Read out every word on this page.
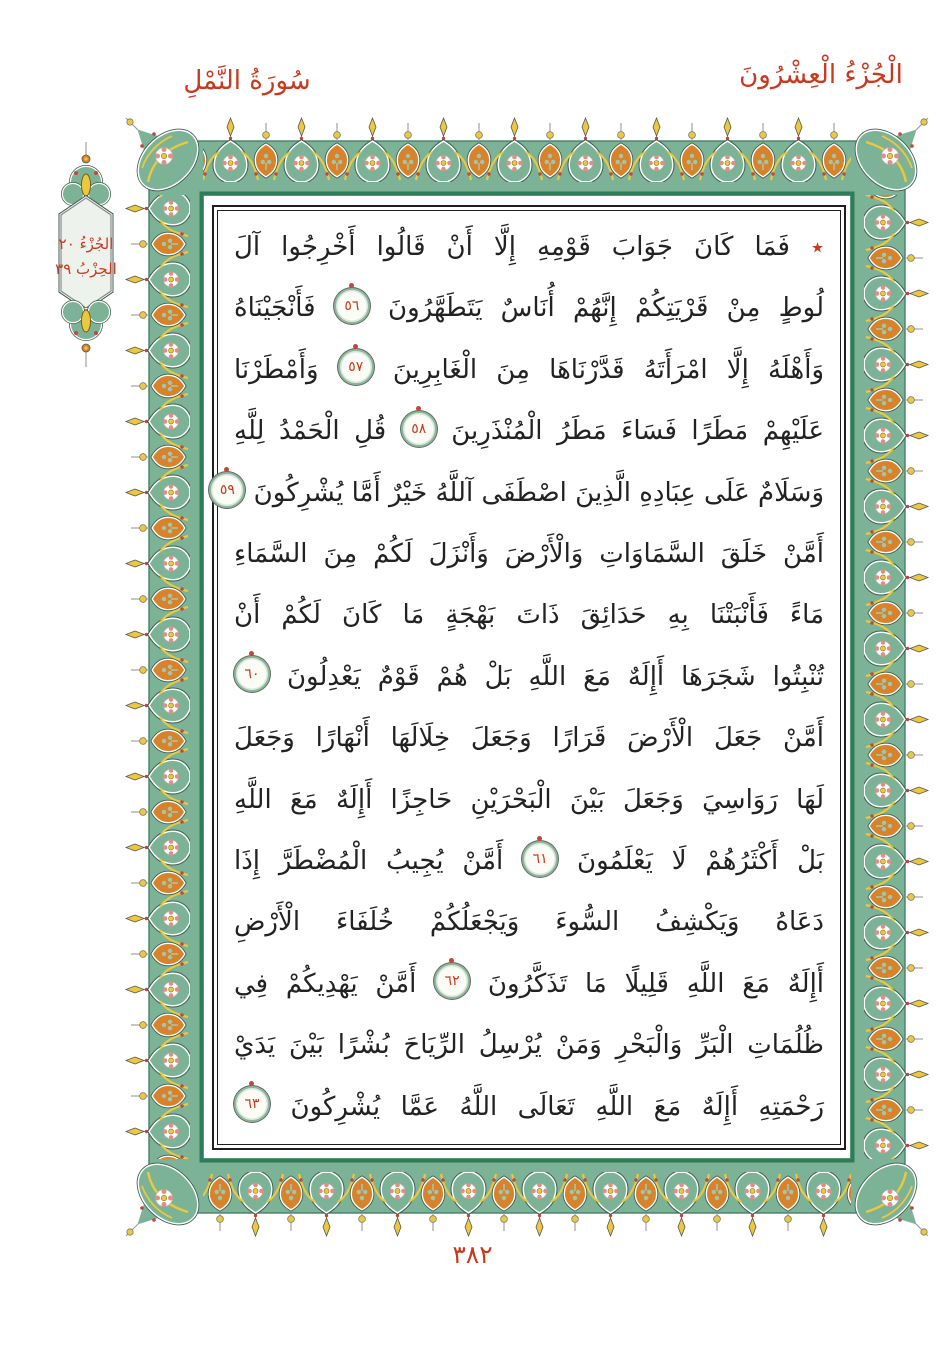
الْجُزْءُ الْعِشْرُونَ
سُورَةُ النَّمْلِ
الجُزْءُ ٢٠
الحِزْبُ ٣٩
٭ فَمَا كَانَ جَوَابَ قَوْمِهِ إِلَّا أَنْ قَالُوا أَخْرِجُوا آلَ
لُوطٍ مِنْ قَرْيَتِكُمْ إِنَّهُمْ أُنَاسٌ يَتَطَهَّرُونَ ٥٦ فَأَنْجَيْنَاهُ
وَأَهْلَهُ إِلَّا امْرَأَتَهُ قَدَّرْنَاهَا مِنَ الْغَابِرِينَ ٥٧ وَأَمْطَرْنَا
عَلَيْهِمْ مَطَرًا فَسَاءَ مَطَرُ الْمُنْذَرِينَ ٥٨ قُلِ الْحَمْدُ لِلَّهِ
وَسَلَامٌ عَلَى عِبَادِهِ الَّذِينَ اصْطَفَى آللَّهُ خَيْرٌ أَمَّا يُشْرِكُونَ ٥٩
أَمَّنْ خَلَقَ السَّمَاوَاتِ وَالْأَرْضَ وَأَنْزَلَ لَكُمْ مِنَ السَّمَاءِ
مَاءً فَأَنْبَتْنَا بِهِ حَدَائِقَ ذَاتَ بَهْجَةٍ مَا كَانَ لَكُمْ أَنْ
تُنْبِتُوا شَجَرَهَا أَإِلَهٌ مَعَ اللَّهِ بَلْ هُمْ قَوْمٌ يَعْدِلُونَ ٦٠
أَمَّنْ جَعَلَ الْأَرْضَ قَرَارًا وَجَعَلَ خِلَالَهَا أَنْهَارًا وَجَعَلَ
لَهَا رَوَاسِيَ وَجَعَلَ بَيْنَ الْبَحْرَيْنِ حَاجِزًا أَإِلَهٌ مَعَ اللَّهِ
بَلْ أَكْثَرُهُمْ لَا يَعْلَمُونَ ٦١ أَمَّنْ يُجِيبُ الْمُضْطَرَّ إِذَا
دَعَاهُ وَيَكْشِفُ السُّوءَ وَيَجْعَلُكُمْ خُلَفَاءَ الْأَرْضِ
أَإِلَهٌ مَعَ اللَّهِ قَلِيلًا مَا تَذَكَّرُونَ ٦٢ أَمَّنْ يَهْدِيكُمْ فِي
ظُلُمَاتِ الْبَرِّ وَالْبَحْرِ وَمَنْ يُرْسِلُ الرِّيَاحَ بُشْرًا بَيْنَ يَدَيْ
رَحْمَتِهِ أَإِلَهٌ مَعَ اللَّهِ تَعَالَى اللَّهُ عَمَّا يُشْرِكُونَ ٦٣
٣٨٢
